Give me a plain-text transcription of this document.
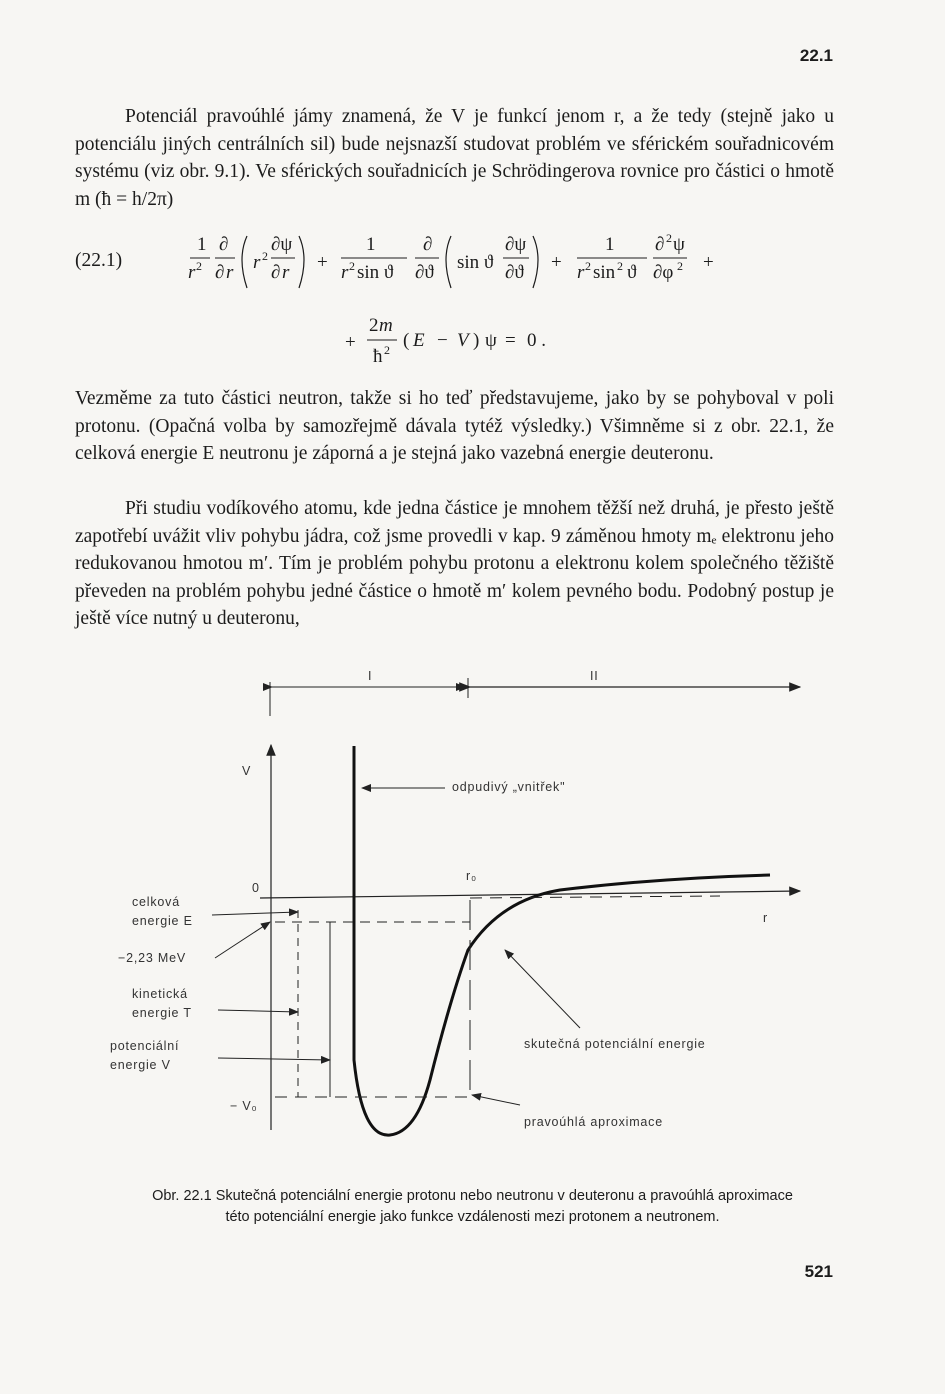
22.1

Potenciál pravoúhlé jámy znamená, že V je funkcí jenom r, a že tedy (stejně jako u potenciálu jiných centrálních sil) bude nejsnazší studovat problém ve sférickém souřadnicovém systému (viz obr. 9.1). Ve sférických souřadnicích je Schrödingerova rovnice pro částici o hmotě m (ħ = h/2π)

(22.1)
1
r 2
∂
∂ r r 2
∂ψ
∂ r +
1
r 2 sin ϑ
∂
∂ϑ sin ϑ
∂ψ
∂ϑ +
1
r 2 sin 2 ϑ
∂ 2 ψ
∂φ 2 +
+
2 m
ħ 2 ( E − V ) ψ = 0 .

Vezměme za tuto částici neutron, takže si ho teď představujeme, jako by se pohyboval v poli protonu. (Opačná volba by samozřejmě dávala tytéž výsledky.) Všimněme si z obr. 22.1, že celková energie E neutronu je záporná a je stejná jako vazebná energie deuteronu.

Při studiu vodíkového atomu, kde jedna částice je mnohem těžší než druhá, je přesto ještě zapotřebí uvážit vliv pohybu jádra, což jsme provedli v kap. 9 záměnou hmoty mₑ elektronu jeho redukovanou hmotou m′. Tím je problém pohybu protonu a elektronu kolem společného těžiště převeden na problém pohybu jedné částice o hmotě m′ kolem pevného bodu. Podobný postup je ještě více nutný u deuteronu,

I	II
V
0
r
r₀
celková
energie E
−2,23 MeV
kinetická
energie T
potenciální
energie V
− V₀
odpudivý „vnitřek"
skutečná potenciální energie
pravoúhlá aproximace
Obr. 22.1 Skutečná potenciální energie protonu nebo neutronu v deuteronu a pravoúhlá aproximace
této potenciální energie jako funkce vzdálenosti mezi protonem a neutronem.
521
